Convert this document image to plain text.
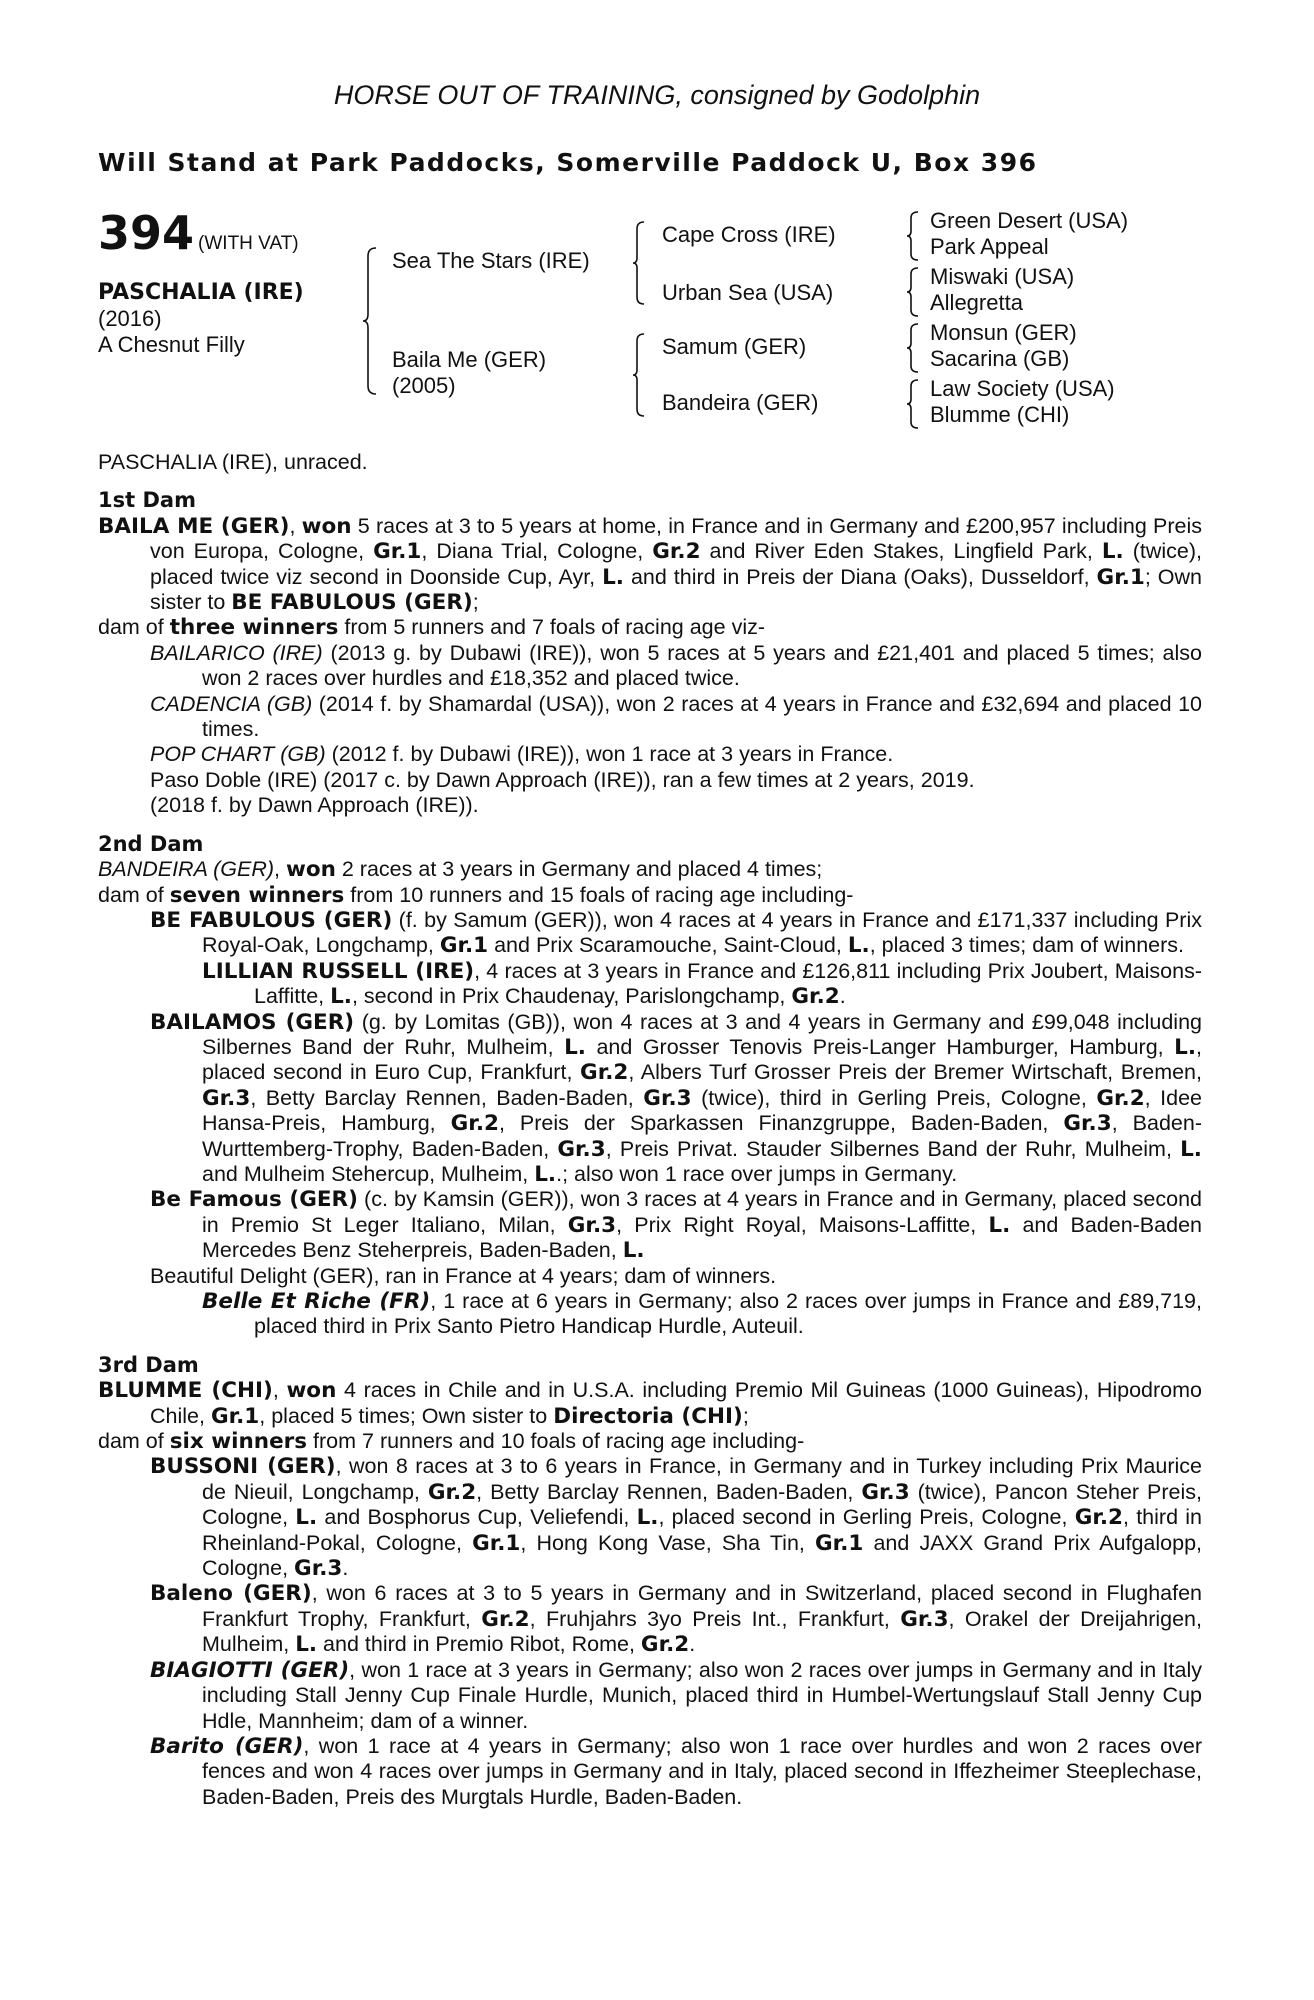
HORSE OUT OF TRAINING, consigned by Godolphin
Will Stand at Park Paddocks, Somerville Paddock U, Box 396
394 (WITH VAT)
PASCHALIA (IRE)
(2016)
A Chesnut Filly
Sea The Stars (IRE)
Baila Me (GER)
(2005)
Cape Cross (IRE)
Urban Sea (USA)
Samum (GER)
Bandeira (GER)
Green Desert (USA)
Park Appeal
Miswaki (USA)
Allegretta
Monsun (GER)
Sacarina (GB)
Law Society (USA)
Blumme (CHI)
PASCHALIA (IRE), unraced.
1st Dam
BAILA ME (GER), won 5 races at 3 to 5 years at home, in France and in Germany and £200,957 including Preis von Europa, Cologne, Gr.1, Diana Trial, Cologne, Gr.2 and River Eden Stakes, Lingfield Park, L. (twice), placed twice viz second in Doonside Cup, Ayr, L. and third in Preis der Diana (Oaks), Dusseldorf, Gr.1; Own sister to BE FABULOUS (GER);
dam of three winners from 5 runners and 7 foals of racing age viz-
BAILARICO (IRE) (2013 g. by Dubawi (IRE)), won 5 races at 5 years and £21,401 and placed 5 times; also won 2 races over hurdles and £18,352 and placed twice.
CADENCIA (GB) (2014 f. by Shamardal (USA)), won 2 races at 4 years in France and £32,694 and placed 10 times.
POP CHART (GB) (2012 f. by Dubawi (IRE)), won 1 race at 3 years in France.
Paso Doble (IRE) (2017 c. by Dawn Approach (IRE)), ran a few times at 2 years, 2019.
(2018 f. by Dawn Approach (IRE)).
2nd Dam
BANDEIRA (GER), won 2 races at 3 years in Germany and placed 4 times;
dam of seven winners from 10 runners and 15 foals of racing age including-
BE FABULOUS (GER) (f. by Samum (GER)), won 4 races at 4 years in France and £171,337 including Prix Royal-Oak, Longchamp, Gr.1 and Prix Scaramouche, Saint-Cloud, L., placed 3 times; dam of winners.
LILLIAN RUSSELL (IRE), 4 races at 3 years in France and £126,811 including Prix Joubert, Maisons-Laffitte, L., second in Prix Chaudenay, Parislongchamp, Gr.2.
BAILAMOS (GER) (g. by Lomitas (GB)), won 4 races at 3 and 4 years in Germany and £99,048 including Silbernes Band der Ruhr, Mulheim, L. and Grosser Tenovis Preis-Langer Hamburger, Hamburg, L., placed second in Euro Cup, Frankfurt, Gr.2, Albers Turf Grosser Preis der Bremer Wirtschaft, Bremen, Gr.3, Betty Barclay Rennen, Baden-Baden, Gr.3 (twice), third in Gerling Preis, Cologne, Gr.2, Idee Hansa-Preis, Hamburg, Gr.2, Preis der Sparkassen Finanzgruppe, Baden-Baden, Gr.3, Baden-Wurttemberg-Trophy, Baden-Baden, Gr.3, Preis Privat. Stauder Silbernes Band der Ruhr, Mulheim, L. and Mulheim Stehercup, Mulheim, L..; also won 1 race over jumps in Germany.
Be Famous (GER) (c. by Kamsin (GER)), won 3 races at 4 years in France and in Germany, placed second in Premio St Leger Italiano, Milan, Gr.3, Prix Right Royal, Maisons-Laffitte, L. and Baden-Baden Mercedes Benz Steherpreis, Baden-Baden, L.
Beautiful Delight (GER), ran in France at 4 years; dam of winners.
Belle Et Riche (FR), 1 race at 6 years in Germany; also 2 races over jumps in France and £89,719, placed third in Prix Santo Pietro Handicap Hurdle, Auteuil.
3rd Dam
BLUMME (CHI), won 4 races in Chile and in U.S.A. including Premio Mil Guineas (1000 Guineas), Hipodromo Chile, Gr.1, placed 5 times; Own sister to Directoria (CHI);
dam of six winners from 7 runners and 10 foals of racing age including-
BUSSONI (GER), won 8 races at 3 to 6 years in France, in Germany and in Turkey including Prix Maurice de Nieuil, Longchamp, Gr.2, Betty Barclay Rennen, Baden-Baden, Gr.3 (twice), Pancon Steher Preis, Cologne, L. and Bosphorus Cup, Veliefendi, L., placed second in Gerling Preis, Cologne, Gr.2, third in Rheinland-Pokal, Cologne, Gr.1, Hong Kong Vase, Sha Tin, Gr.1 and JAXX Grand Prix Aufgalopp, Cologne, Gr.3.
Baleno (GER), won 6 races at 3 to 5 years in Germany and in Switzerland, placed second in Flughafen Frankfurt Trophy, Frankfurt, Gr.2, Fruhjahrs 3yo Preis Int., Frankfurt, Gr.3, Orakel der Dreijahrigen, Mulheim, L. and third in Premio Ribot, Rome, Gr.2.
BIAGIOTTI (GER), won 1 race at 3 years in Germany; also won 2 races over jumps in Germany and in Italy including Stall Jenny Cup Finale Hurdle, Munich, placed third in Humbel-Wertungslauf Stall Jenny Cup Hdle, Mannheim; dam of a winner.
Barito (GER), won 1 race at 4 years in Germany; also won 1 race over hurdles and won 2 races over fences and won 4 races over jumps in Germany and in Italy, placed second in Iffezheimer Steeplechase, Baden-Baden, Preis des Murgtals Hurdle, Baden-Baden.
